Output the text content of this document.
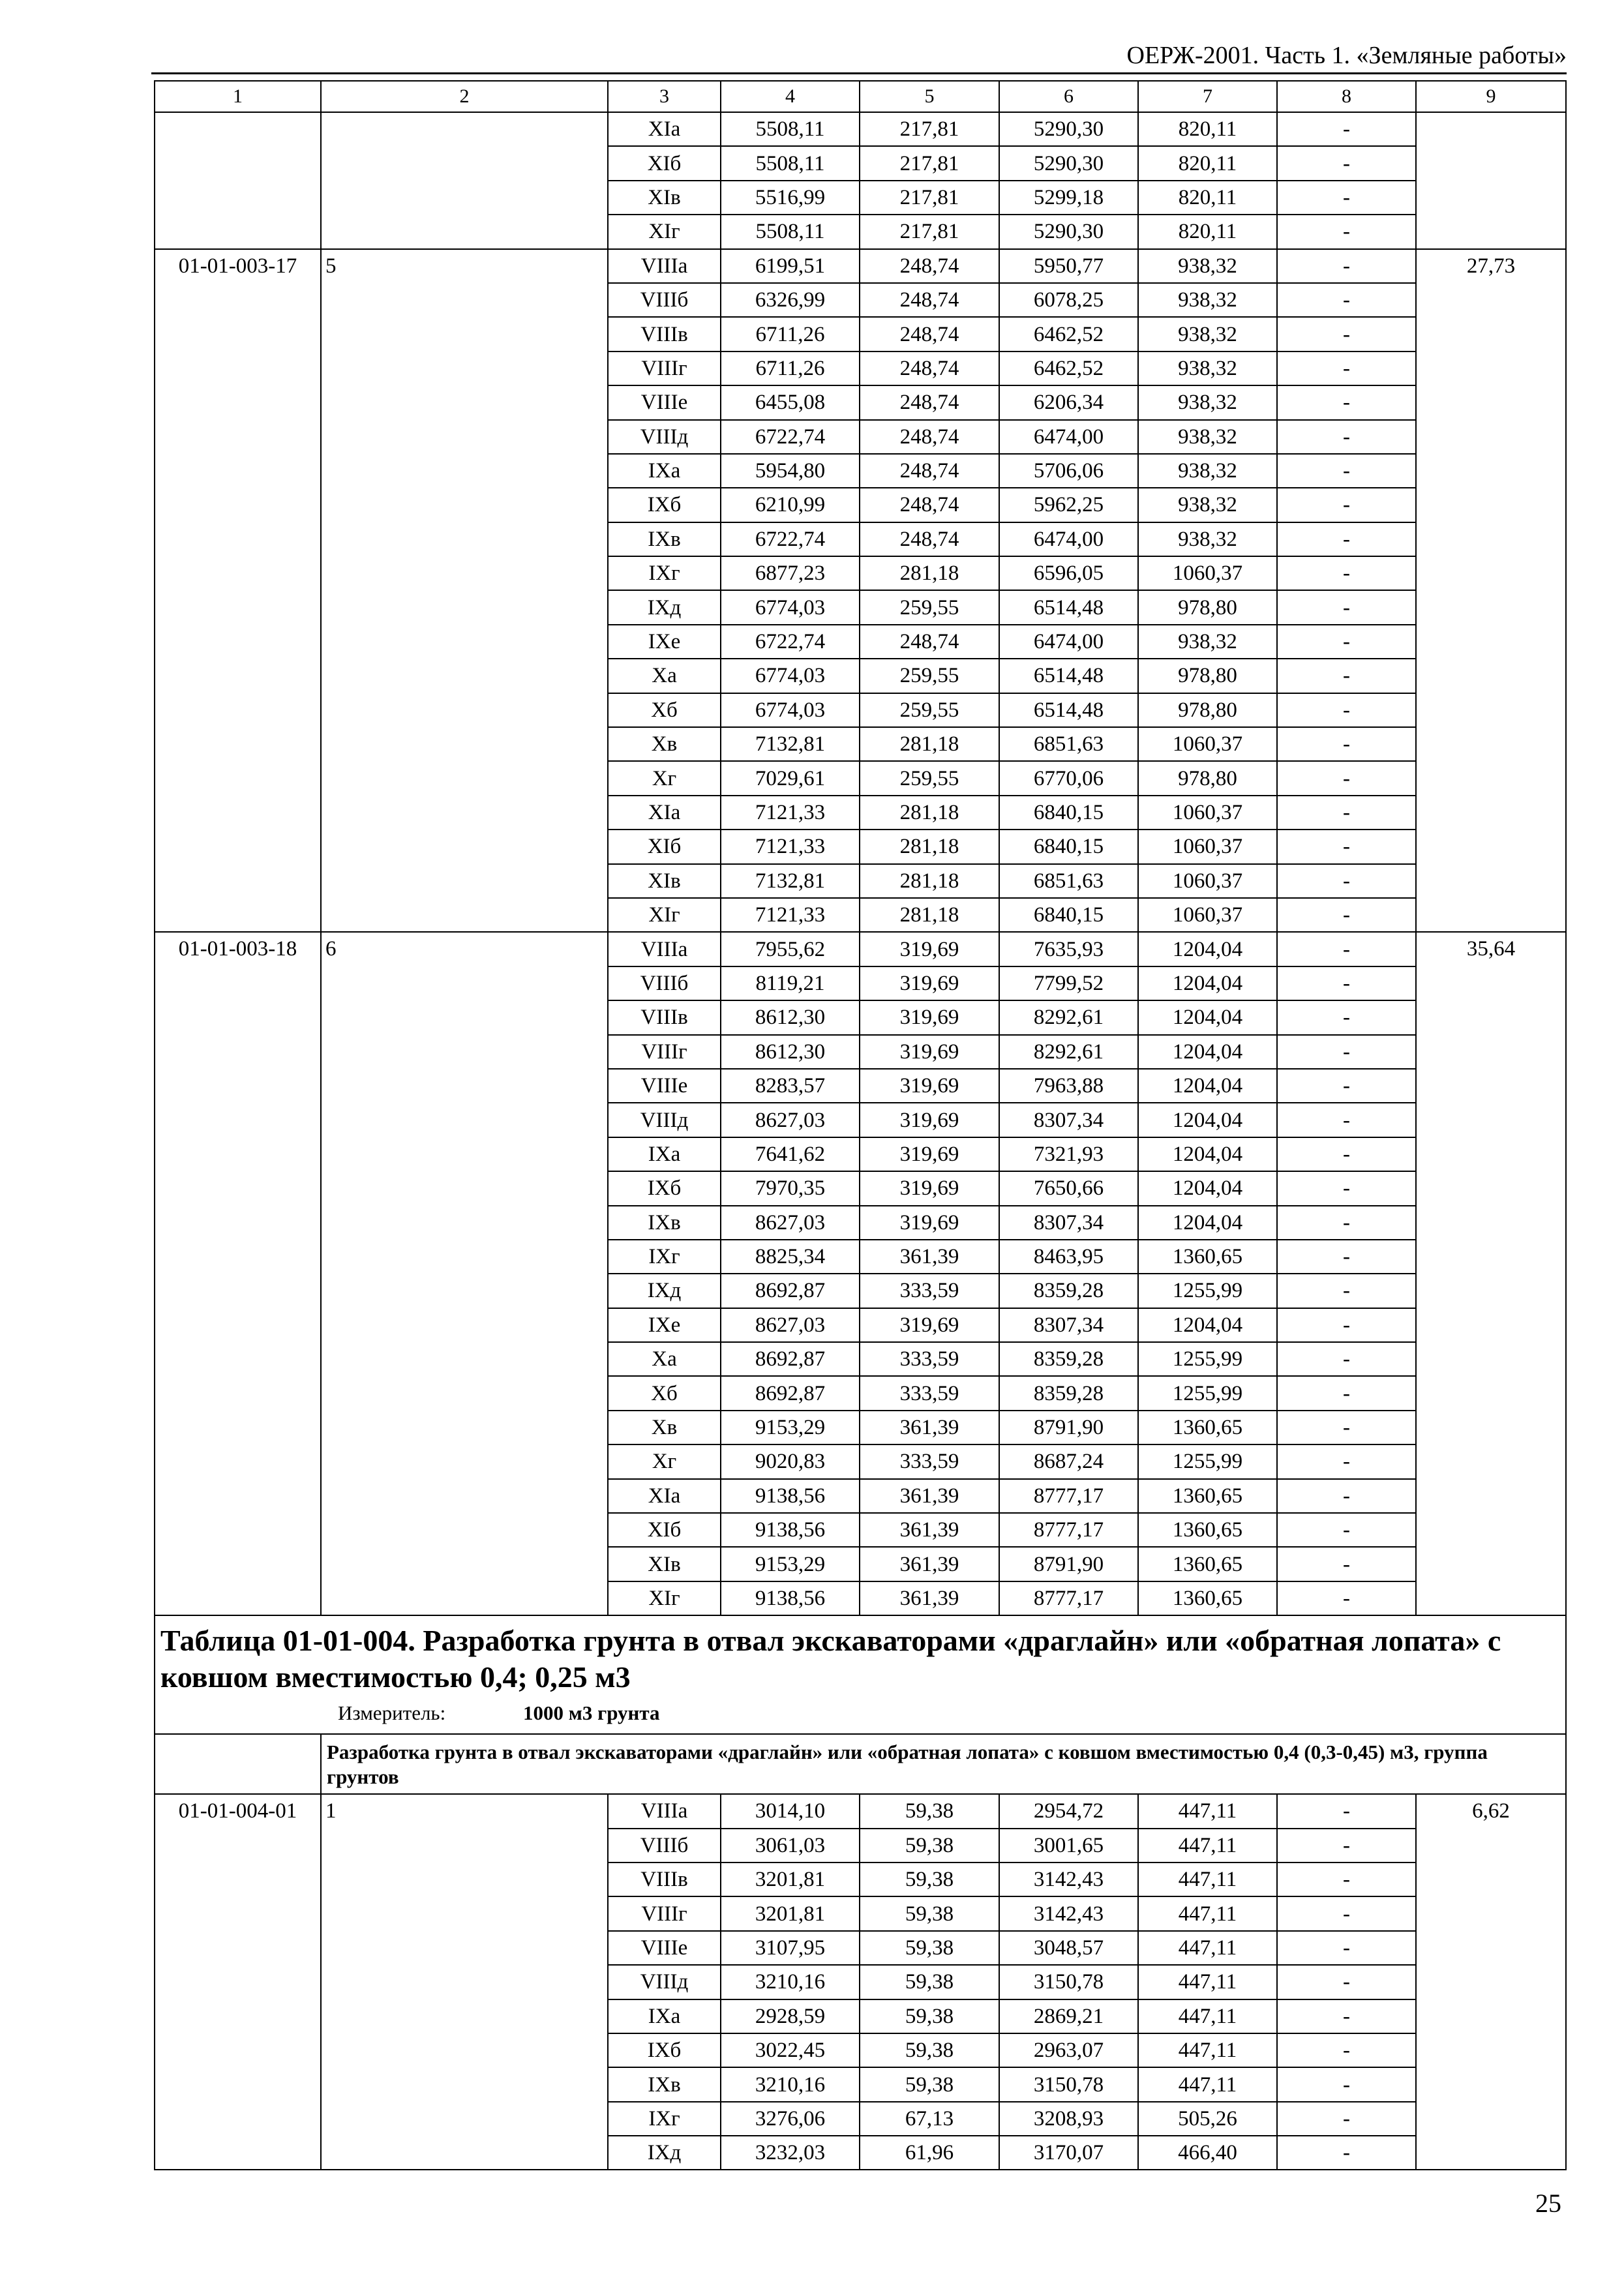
ОЕРЖ-2001. Часть 1. «Земляные работы»
1	2	3	4	5	6	7	8	9
		XIа	5508,11	217,81	5290,30	820,11	-	
		XIб	5508,11	217,81	5290,30	820,11	-	
		XIв	5516,99	217,81	5299,18	820,11	-	
		XIг	5508,11	217,81	5290,30	820,11	-	
01-01-003-17	5	VIIIа	6199,51	248,74	5950,77	938,32	-	27,73
		VIIIб	6326,99	248,74	6078,25	938,32	-	
		VIIIв	6711,26	248,74	6462,52	938,32	-	
		VIIIг	6711,26	248,74	6462,52	938,32	-	
		VIIIе	6455,08	248,74	6206,34	938,32	-	
		VIIIд	6722,74	248,74	6474,00	938,32	-	
		IXа	5954,80	248,74	5706,06	938,32	-	
		IXб	6210,99	248,74	5962,25	938,32	-	
		IXв	6722,74	248,74	6474,00	938,32	-	
		IXг	6877,23	281,18	6596,05	1060,37	-	
		IXд	6774,03	259,55	6514,48	978,80	-	
		IXе	6722,74	248,74	6474,00	938,32	-	
		Xа	6774,03	259,55	6514,48	978,80	-	
		Xб	6774,03	259,55	6514,48	978,80	-	
		Xв	7132,81	281,18	6851,63	1060,37	-	
		Xг	7029,61	259,55	6770,06	978,80	-	
		XIа	7121,33	281,18	6840,15	1060,37	-	
		XIб	7121,33	281,18	6840,15	1060,37	-	
		XIв	7132,81	281,18	6851,63	1060,37	-	
		XIг	7121,33	281,18	6840,15	1060,37	-	
01-01-003-18	6	VIIIа	7955,62	319,69	7635,93	1204,04	-	35,64
		VIIIб	8119,21	319,69	7799,52	1204,04	-	
		VIIIв	8612,30	319,69	8292,61	1204,04	-	
		VIIIг	8612,30	319,69	8292,61	1204,04	-	
		VIIIе	8283,57	319,69	7963,88	1204,04	-	
		VIIIд	8627,03	319,69	8307,34	1204,04	-	
		IXа	7641,62	319,69	7321,93	1204,04	-	
		IXб	7970,35	319,69	7650,66	1204,04	-	
		IXв	8627,03	319,69	8307,34	1204,04	-	
		IXг	8825,34	361,39	8463,95	1360,65	-	
		IXд	8692,87	333,59	8359,28	1255,99	-	
		IXе	8627,03	319,69	8307,34	1204,04	-	
		Xа	8692,87	333,59	8359,28	1255,99	-	
		Xб	8692,87	333,59	8359,28	1255,99	-	
		Xв	9153,29	361,39	8791,90	1360,65	-	
		Xг	9020,83	333,59	8687,24	1255,99	-	
		XIа	9138,56	361,39	8777,17	1360,65	-	
		XIб	9138,56	361,39	8777,17	1360,65	-	
		XIв	9153,29	361,39	8791,90	1360,65	-	
		XIг	9138,56	361,39	8777,17	1360,65	-	

Таблица 01-01-004. Разработка грунта в отвал экскаваторами «драглайн» или «обратная лопата» с ковшом вместимостью 0,4; 0,25 м3
Измеритель: 1000 м3 грунта								

	Разработка грунта в отвал экскаваторами «драглайн» или «обратная лопата» с ковшом вместимостью 0,4 (0,3-0,45) м3, группа грунтов							
01-01-004-01	1	VIIIа	3014,10	59,38	2954,72	447,11	-	6,62
		VIIIб	3061,03	59,38	3001,65	447,11	-	
		VIIIв	3201,81	59,38	3142,43	447,11	-	
		VIIIг	3201,81	59,38	3142,43	447,11	-	
		VIIIе	3107,95	59,38	3048,57	447,11	-	
		VIIIд	3210,16	59,38	3150,78	447,11	-	
		IXа	2928,59	59,38	2869,21	447,11	-	
		IXб	3022,45	59,38	2963,07	447,11	-	
		IXв	3210,16	59,38	3150,78	447,11	-	
		IXг	3276,06	67,13	3208,93	505,26	-	
		IXд	3232,03	61,96	3170,07	466,40	-	
25
